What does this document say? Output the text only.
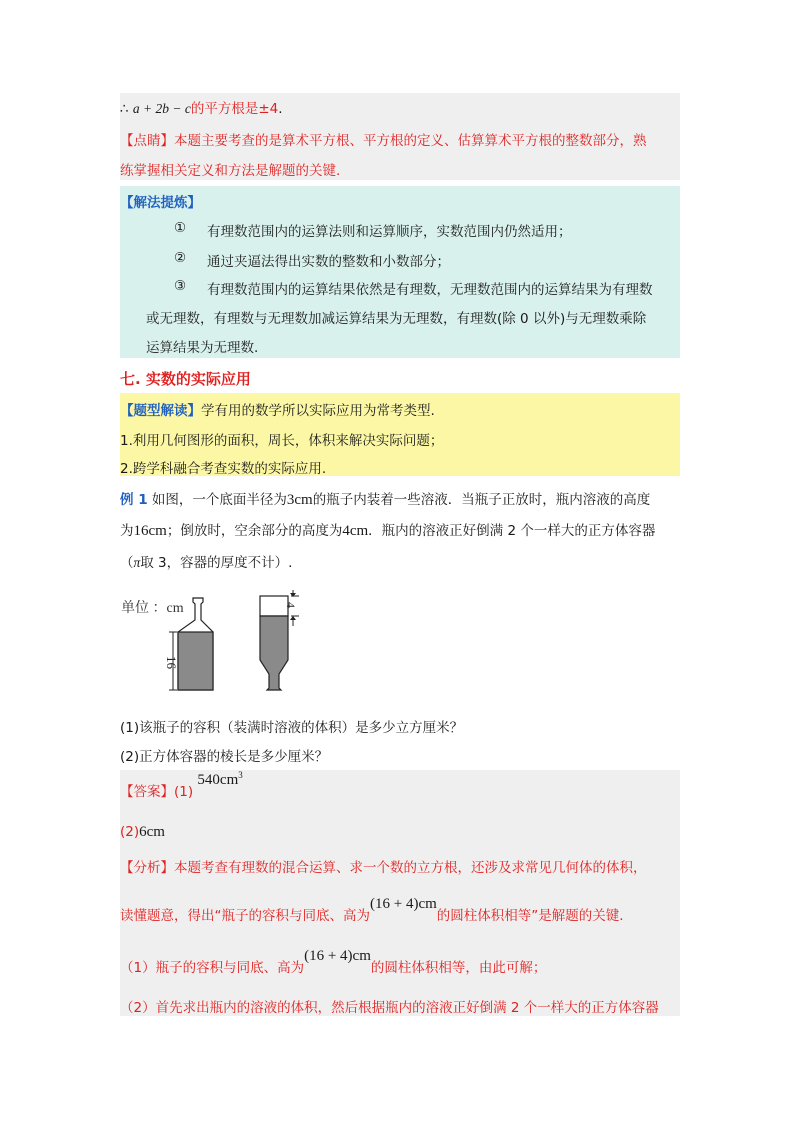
∴ a + 2b − c的平方根是±4.
【点睛】本题主要考查的是算术平方根、平方根的定义、估算算术平方根的整数部分，熟
练掌握相关定义和方法是解题的关键.
【解法提炼】
① 有理数范围内的运算法则和运算顺序，实数范围内仍然适用；
② 通过夹逼法得出实数的整数和小数部分；
③ 有理数范围内的运算结果依然是有理数，无理数范围内的运算结果为有理数
或无理数，有理数与无理数加减运算结果为无理数，有理数(除 0 以外)与无理数乘除
运算结果为无理数.
七. 实数的实际应用
【题型解读】学有用的数学所以实际应用为常考类型.
1.利用几何图形的面积，周长，体积来解决实际问题；
2.跨学科融合考查实数的实际应用.
例 1 如图，一个底面半径为3cm的瓶子内装着一些溶液．当瓶子正放时，瓶内溶液的高度
为16cm；倒放时，空余部分的高度为4cm．瓶内的溶液正好倒满 2 个一样大的正方体容器
（π取 3，容器的厚度不计）.
单位 ：cm
16
4
(1)该瓶子的容积（装满时溶液的体积）是多少立方厘米？
(2)正方体容器的棱长是多少厘米？
【答案】(1) $540cm^3$
(2)6cm
【分析】本题考查有理数的混合运算、求一个数的立方根，还涉及求常见几何体的体积，
读懂题意，得出“瓶子的容积与同底、高为(16 + 4)cm的圆柱体积相等”是解题的关键.
（1）瓶子的容积与同底、高为(16 + 4)cm的圆柱体积相等，由此可解；
（2）首先求出瓶内的溶液的体积，然后根据瓶内的溶液正好倒满 2 个一样大的正方体容器
